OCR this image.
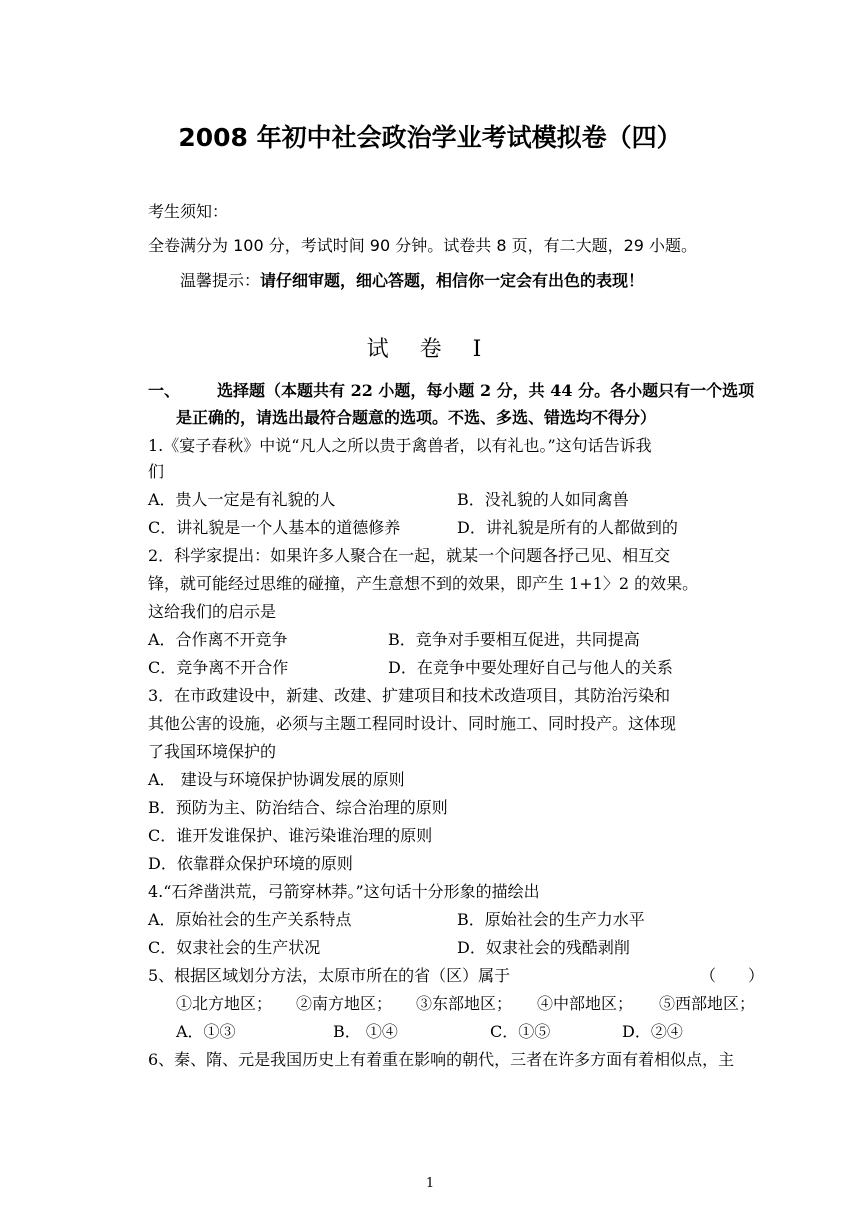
2008 年初中社会政治学业考试模拟卷（四）
考生须知：
全卷满分为 100 分，考试时间 90 分钟。试卷共 8 页，有二大题，29 小题。
温馨提示：请仔细审题，细心答题，相信你一定会有出色的表现！
试 卷 Ⅰ
一、 选择题（本题共有 22 小题，每小题 2 分，共 44 分。各小题只有一个选项
是正确的，请选出最符合题意的选项。不选、多选、错选均不得分）
1.《宴子春秋》中说“凡人之所以贵于禽兽者，以有礼也。”这句话告诉我
们
A．贵人一定是有礼貌的人	B．没礼貌的人如同禽兽
C．讲礼貌是一个人基本的道德修养	D．讲礼貌是所有的人都做到的
2．科学家提出：如果许多人聚合在一起，就某一个问题各抒己见、相互交
锋，就可能经过思维的碰撞，产生意想不到的效果，即产生 1+1〉2 的效果。
这给我们的启示是
A．合作离不开竞争	B．竞争对手要相互促进，共同提高
C．竞争离不开合作	D．在竞争中要处理好自己与他人的关系
3．在市政建设中，新建、改建、扩建项目和技术改造项目，其防治污染和
其他公害的设施，必须与主题工程同时设计、同时施工、同时投产。这体现
了我国环境保护的
A． 建设与环境保护协调发展的原则
B．预防为主、防治结合、综合治理的原则
C．谁开发谁保护、谁污染谁治理的原则
D．依靠群众保护环境的原则
4.“石斧凿洪荒，弓箭穿林莽。”这句话十分形象的描绘出
A．原始社会的生产关系特点	B．原始社会的生产力水平
C．奴隶社会的生产状况	D．奴隶社会的残酷剥削
5、根据区域划分方法，太原市所在的省（区）属于	（　　）
①北方地区； ②南方地区； ③东部地区； ④中部地区； ⑤西部地区；
A．①③	B． ①④	C．①⑤	D．②④
6、秦、隋、元是我国历史上有着重在影响的朝代，三者在许多方面有着相似点，主
1
